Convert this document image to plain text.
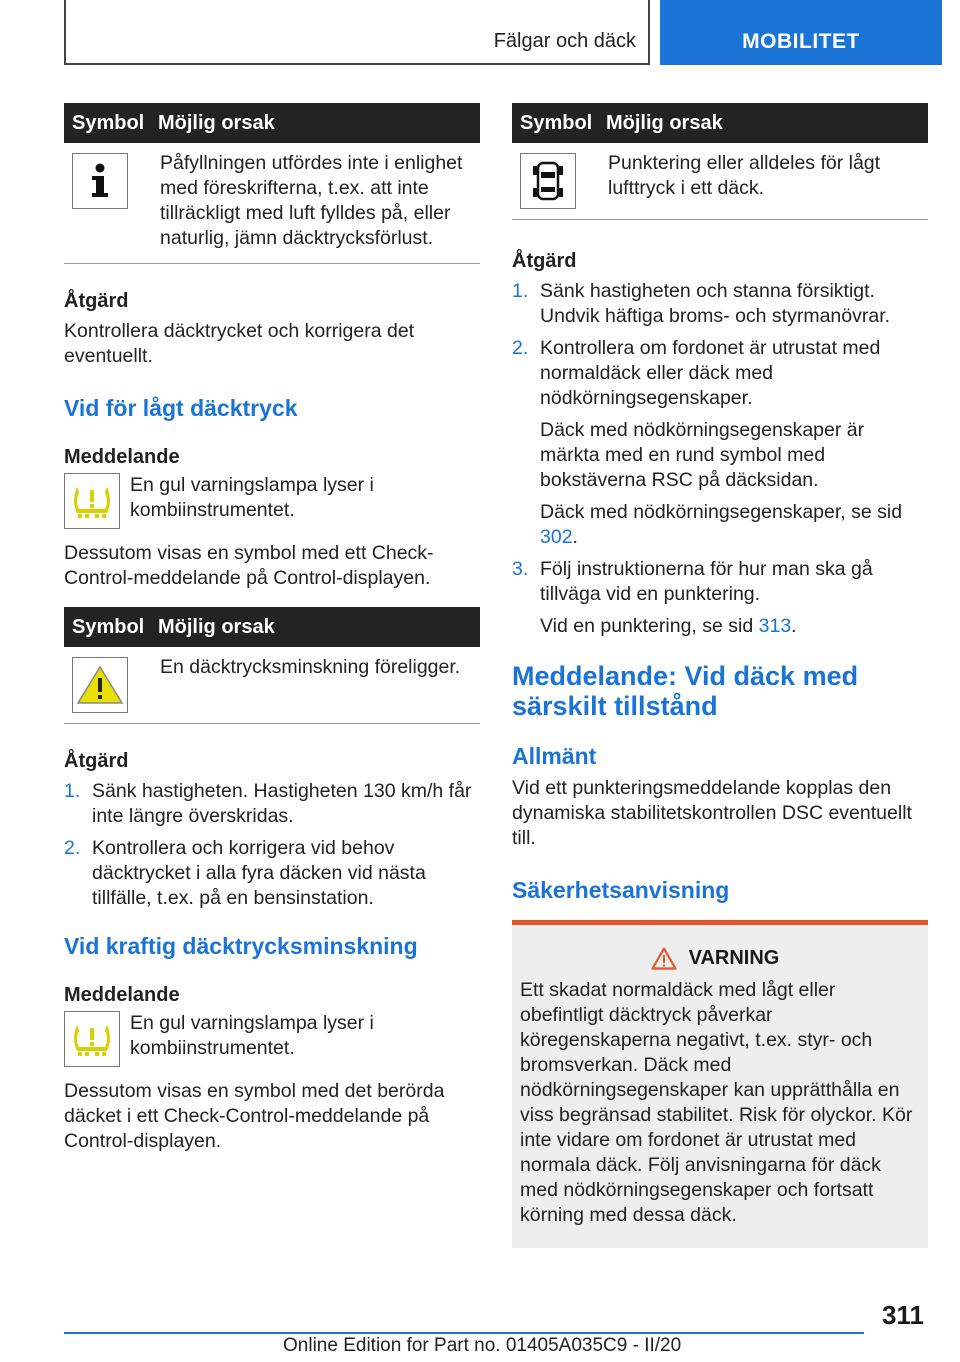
Fälgar och däck	MOBILITET
Symbol Möjlig orsak
Påfyllningen utfördes inte i enlighet med föreskrifterna, t.ex. att inte tillräckligt med luft fylldes på, eller naturlig, jämn däcktrycksförlust.
Åtgärd
Kontrollera däcktrycket och korrigera det eventuellt.
Vid för lågt däcktryck
Meddelande
En gul varningslampa lyser i kombiinstrumentet.
Dessutom visas en symbol med ett Check-Control-meddelande på Control-displayen.
Symbol Möjlig orsak
En däcktrycksminskning föreligger.
Åtgärd
1. Sänk hastigheten. Hastigheten 130 km/h får inte längre överskridas.
2. Kontrollera och korrigera vid behov däcktrycket i alla fyra däcken vid nästa tillfälle, t.ex. på en bensinstation.
Vid kraftig däcktrycksminskning
Meddelande
En gul varningslampa lyser i kombiinstrumentet.
Dessutom visas en symbol med det berörda däcket i ett Check-Control-meddelande på Control-displayen.
Symbol Möjlig orsak
Punktering eller alldeles för lågt lufttryck i ett däck.
Åtgärd
1. Sänk hastigheten och stanna försiktigt. Undvik häftiga broms- och styrmanövrar.
2. Kontrollera om fordonet är utrustat med normaldäck eller däck med nödkörningsegenskaper.

Däck med nödkörningsegenskaper är märkta med en rund symbol med bokstäverna RSC på däcksidan.

Däck med nödkörningsegenskaper, se sid 302.

3. Följ instruktionerna för hur man ska gå tillväga vid en punktering.

Vid en punktering, se sid 313.

Meddelande: Vid däck med särskilt tillstånd
Allmänt
Vid ett punkteringsmeddelande kopplas den dynamiska stabilitetskontrollen DSC eventuellt till.
Säkerhetsanvisning
VARNING
Ett skadat normaldäck med lågt eller obefintligt däcktryck påverkar köregenskaperna negativt, t.ex. styr- och bromsverkan. Däck med nödkörningsegenskaper kan upprätthålla en viss begränsad stabilitet. Risk för olyckor. Kör inte vidare om fordonet är utrustat med normala däck. Följ anvisningarna för däck med nödkörningsegenskaper och fortsatt körning med dessa däck.
311
Online Edition for Part no. 01405A035C9 - II/20
